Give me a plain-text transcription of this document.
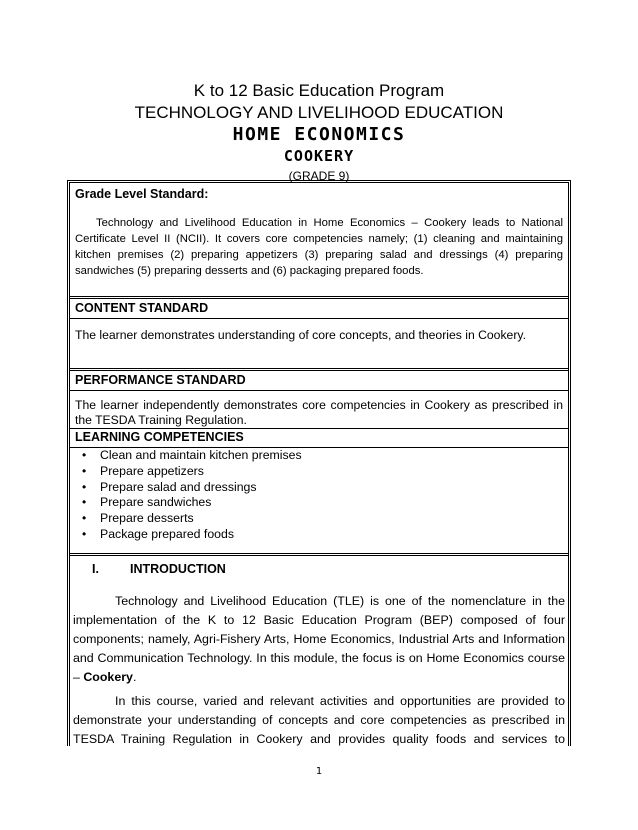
K to 12 Basic Education Program
TECHNOLOGY AND LIVELIHOOD EDUCATION
HOME ECONOMICS
COOKERY
(GRADE 9)
Grade Level Standard:
Technology and Livelihood Education in Home Economics – Cookery leads to National Certificate Level II (NCII). It covers core competencies namely; (1) cleaning and maintaining kitchen premises (2) preparing appetizers (3) preparing salad and dressings (4) preparing sandwiches (5) preparing desserts and (6) packaging prepared foods.
CONTENT STANDARD
The learner demonstrates understanding of core concepts, and theories in Cookery.
PERFORMANCE STANDARD
The learner independently demonstrates core competencies in Cookery as prescribed in the TESDA Training Regulation.
LEARNING COMPETENCIES
• Clean and maintain kitchen premises
• Prepare appetizers
• Prepare salad and dressings
• Prepare sandwiches
• Prepare desserts
• Package prepared foods
I. INTRODUCTION
Technology and Livelihood Education (TLE) is one of the nomenclature in the implementation of the K to 12 Basic Education Program (BEP) composed of four components; namely, Agri-Fishery Arts, Home Economics, Industrial Arts and Information and Communication Technology. In this module, the focus is on Home Economics course – Cookery.
In this course, varied and relevant activities and opportunities are provided to demonstrate your understanding of concepts and core competencies as prescribed in TESDA Training Regulation in Cookery and provides quality foods and services to
1
